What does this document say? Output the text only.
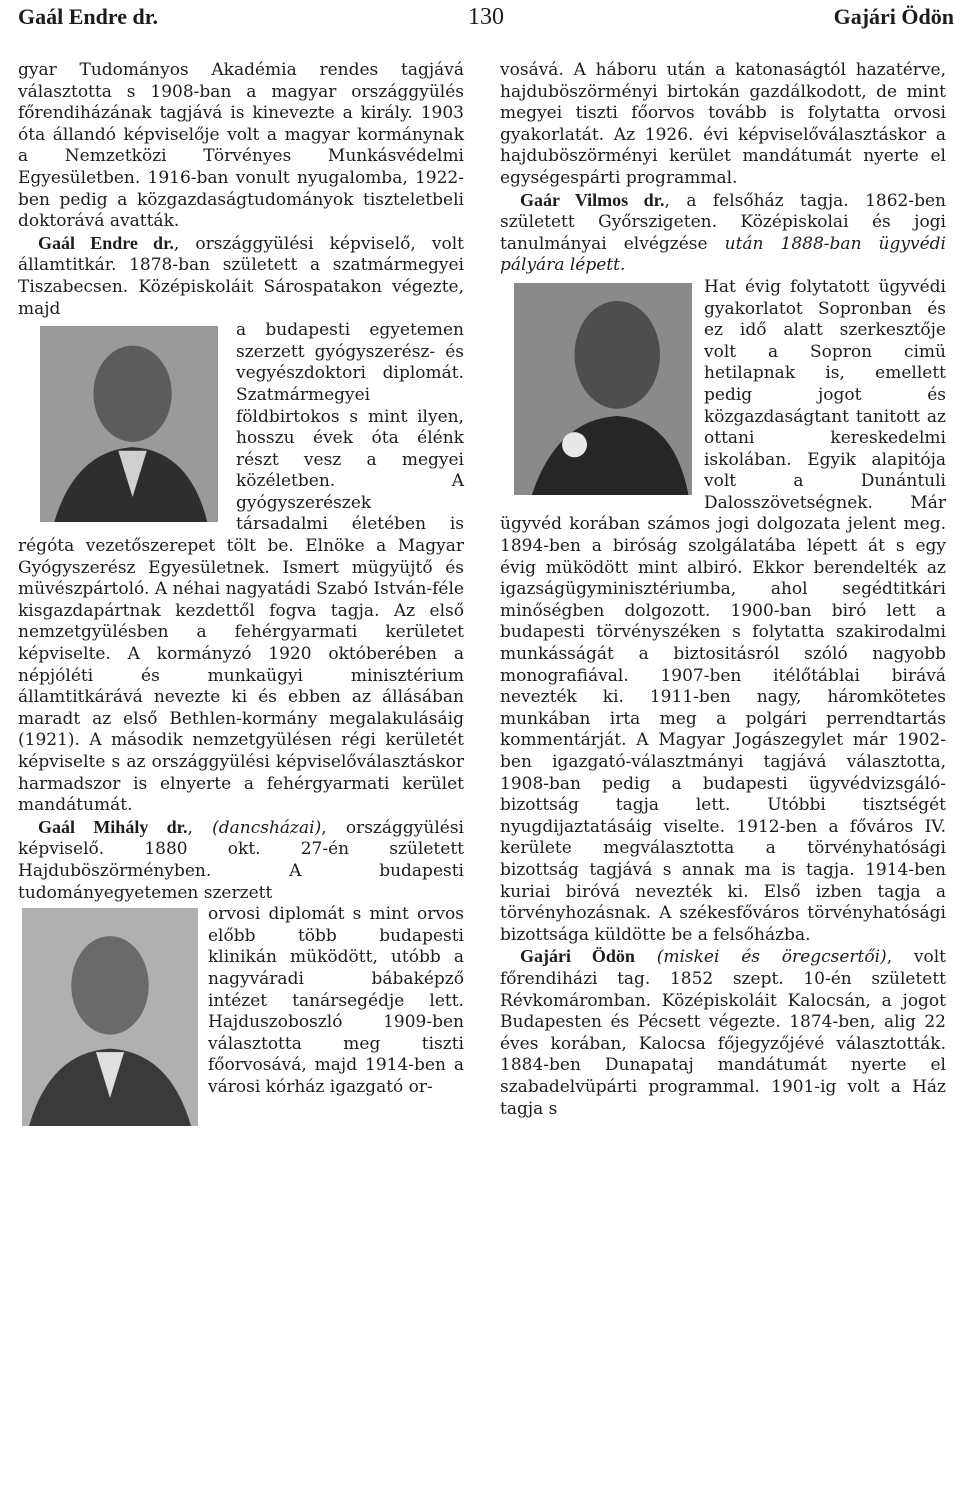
Gaál Endre dr.	130	Gajári Ödön

gyar Tudományos Akadémia rendes tagjává választotta s 1908-ban a magyar országgyülés főrendiházának tagjává is kinevezte a király. 1903 óta állandó képviselője volt a magyar kormánynak a Nemzetközi Törvényes Munkásvédelmi Egyesületben. 1916-ban vonult nyugalomba, 1922-ben pedig a közgazdaságtudományok tiszteletbeli doktorává avatták.

Gaál Endre dr., országgyülési képviselő, volt államtitkár. 1878-ban született a szatmármegyei Tiszabecsen. Középiskoláit Sárospatakon végezte, majd

a budapesti egyetemen szerzett gyógyszerész- és vegyészdoktori diplomát. Szatmármegyei földbirtokos s mint ilyen, hosszu évek óta élénk részt vesz a megyei közéletben. A gyógyszerészek társadalmi életében is régóta vezetőszerepet tölt be. Elnöke a Magyar Gyógyszerész Egyesületnek. Ismert mügyüjtő és müvészpártoló. A néhai nagyatádi Szabó István-féle kisgazdapártnak kezdettől fogva tagja. Az első nemzetgyülésben a fehérgyarmati kerületet képviselte. A kormányzó 1920 októberében a népjóléti és munkaügyi minisztérium államtitkárává nevezte ki és ebben az állásában maradt az első Bethlen-kormány megalakulásáig (1921). A második nemzetgyülésen régi kerületét képviselte s az országgyülési képviselőválasztáskor harmadszor is elnyerte a fehérgyarmati kerület mandátumát.

Gaál Mihály dr., (dancsházai), országgyülési képviselő. 1880 okt. 27-én született Hajduböszörményben. A budapesti tudományegyetemen szerzett

orvosi diplomát s mint orvos előbb több budapesti klinikán müködött, utóbb a nagyváradi bábaképző intézet tanársegédje lett. Hajduszoboszló 1909-ben választotta meg tiszti főorvosává, majd 1914-ben a városi kórház igazgató or-

vosává. A háboru után a katonaságtól hazatérve, hajduböszörményi birtokán gazdálkodott, de mint megyei tiszti főorvos tovább is folytatta orvosi gyakorlatát. Az 1926. évi képviselőválasztáskor a hajduböszörményi kerület mandátumát nyerte el egységespárti programmal.

Gaár Vilmos dr., a felsőház tagja. 1862-ben született Győrszigeten. Középiskolai és jogi tanulmányai elvégzése után 1888-ban ügyvédi pályára lépett.

Hat évig folytatott ügyvédi gyakorlatot Sopronban és ez idő alatt szerkesztője volt a Sopron cimü hetilapnak is, emellett pedig jogot és közgazdaságtant tanitott az ottani kereskedelmi iskolában. Egyik alapitója volt a Dunántuli Dalosszövetségnek. Már ügyvéd korában számos jogi dolgozata jelent meg. 1894-ben a biróság szolgálatába lépett át s egy évig müködött mint albiró. Ekkor berendelték az igazságügyminisztériumba, ahol segédtitkári minőségben dolgozott. 1900-ban biró lett a budapesti törvényszéken s folytatta szakirodalmi munkásságát a biztositásról szóló nagyobb monografiával. 1907-ben itélőtáblai birává nevezték ki. 1911-ben nagy, háromkötetes munkában irta meg a polgári perrendtartás kommentárját. A Magyar Jogászegylet már 1902-ben igazgató-választmányi tagjává választotta, 1908-ban pedig a budapesti ügyvédvizsgáló-bizottság tagja lett. Utóbbi tisztségét nyugdijaztatásáig viselte. 1912-ben a főváros IV. kerülete megválasztotta a törvényhatósági bizottság tagjává s annak ma is tagja. 1914-ben kuriai biróvá nevezték ki. Első izben tagja a törvényhozásnak. A székesfőváros törvényhatósági bizottsága küldötte be a felsőházba.

Gajári Ödön (miskei és öregcsertői), volt főrendiházi tag. 1852 szept. 10-én született Révkomáromban. Középiskoláit Kalocsán, a jogot Budapesten és Pécsett végezte. 1874-ben, alig 22 éves korában, Kalocsa főjegyzőjévé választották. 1884-ben Dunapataj mandátumát nyerte el szabadelvüpárti programmal. 1901-ig volt a Ház tagja s
